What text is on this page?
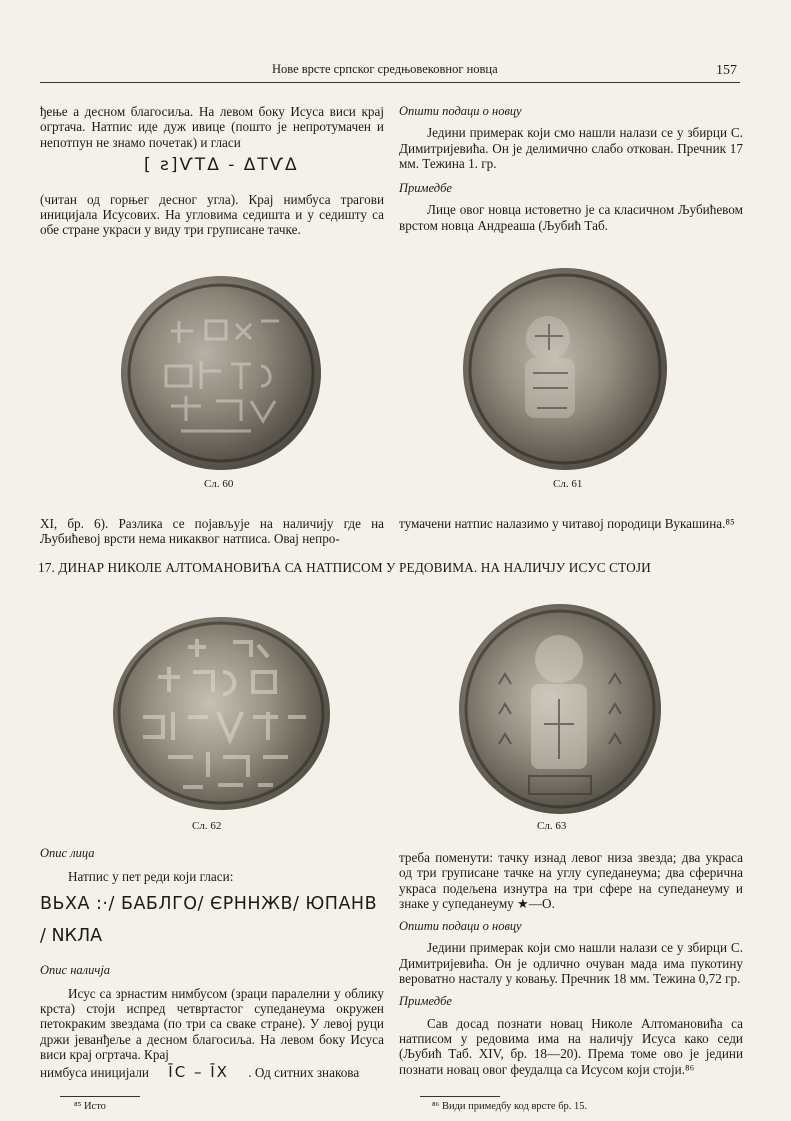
Нове врсте српског средњовековног новца	157

ђење а десном благосиља. На левом боку Исуса виси крај огртача. Натпис иде дуж ивице (пошто је непротумачен и непотпун не знамо почетак) и гласи

[ ƨ]ѴΤΔ - ΔΤѴΔ

(читан од горњег десног угла). Крај нимбуса трагови иницијала Исусових. На угловима седишта и у седишту са обе стране украси у виду три груписане тачке.

Општи подаци о новцу

Једини примерак који смо нашли налази се у збирци С. Димитријевића. Он је делимично слабо откован. Пречник 17 мм. Тежина 1. гр.

Примедбе

Лице овог новца истоветно је са класичном Љубићевом врстом новца Андреаша (Љубић Таб.

Сл. 60	Сл. 61
XI, бр. 6). Разлика се појављује на наличију где на Љубићевој врсти нема никаквог натписа. Овај непро-
тумачени натпис налазимо у читавој породици Вукашина.⁸⁵
17. ДИНАР НИКОЛЕ АЛТОМАНОВИЋА СА НАТПИСОМ У РЕДОВИМА. НА НАЛИЧЈУ ИСУС СТОЈИ
Сл. 62	Сл. 63

Опис лица

Натпис у пет реди који гласи:

ВЬХА :·/ БАБЛГО/ ЄРННЖВ/ ЮПАНВ
/ NКЛА

Опис наличја

Исус са зрнастим нимбусом (зраци паралелни у облику крста) стоји испред четвртастог супеданеума окружен петокраким звездама (по три са сваке стране). У левој руци држи јеванђеље а десном благосиља. На левом боку Исуса виси крај огртача. Крај

нимбуса иницијали ĪC – ĪX . Од ситних знакова

треба поменути: тачку изнад левог низа звезда; два украса од три груписане тачке на углу супеданеума; два сферична украса подељена изнутра на три сфере на супеданеуму и знаке у супеданеуму ★—О.

Општи подаци о новцу

Једини примерак који смо нашли налази се у збирци С. Димитријевића. Он је одлично очуван мада има пукотину вероватно насталу у ковању. Пречник 18 мм. Тежина 0,72 гр.

Примедбе

Сав досад познати новац Николе Алтомановића са натписом у редовима има на наличју Исуса како седи (Љубић Таб. XIV, бр. 18—20). Према томе ово је једини познати новац овог феудалца са Исусом који стоји.⁸⁶

⁸⁵ Исто	⁸⁶ Види примедбу код врсте бр. 15.
